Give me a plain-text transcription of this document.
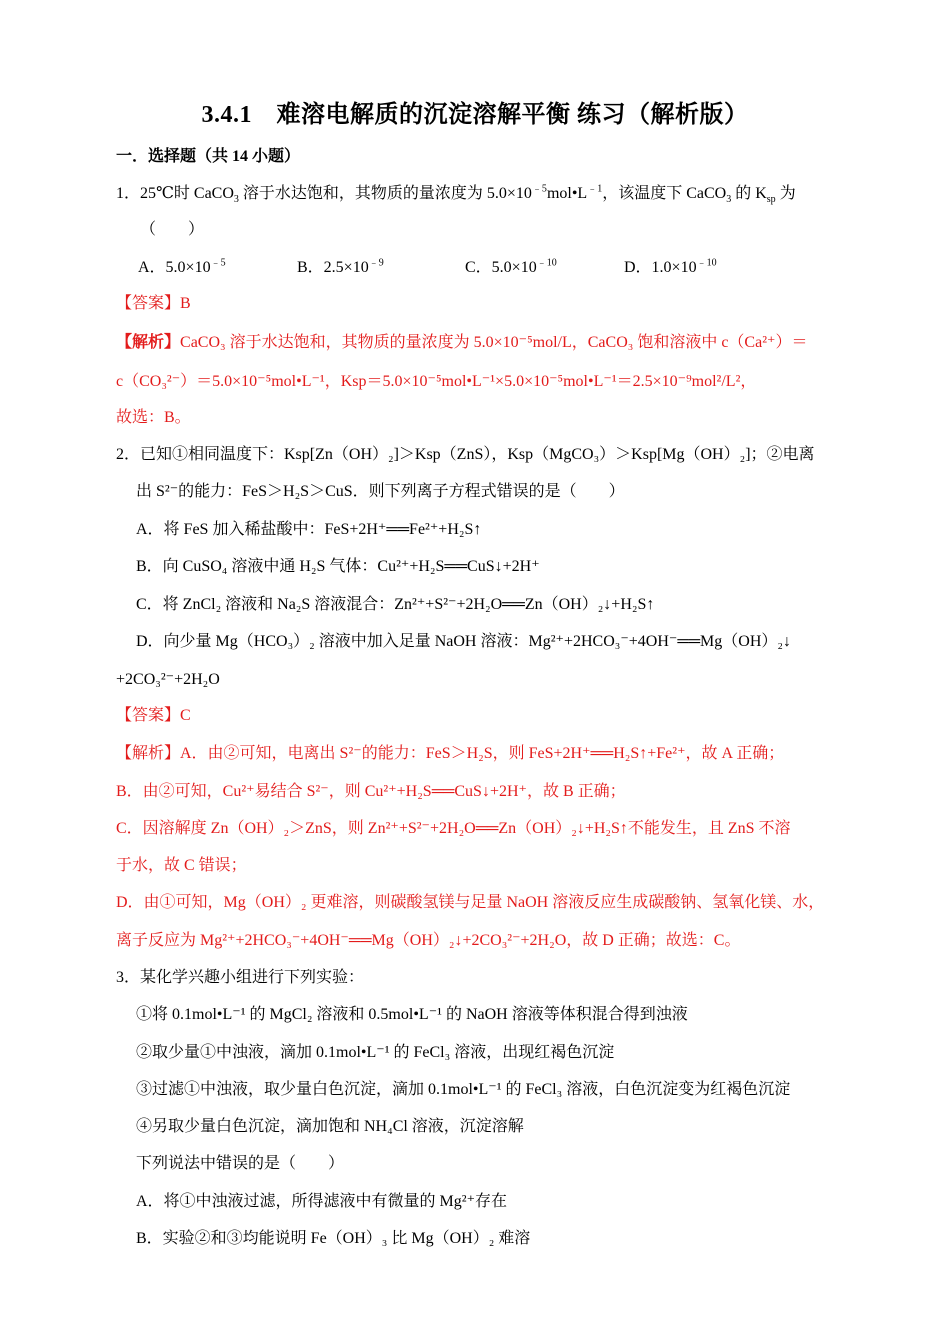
3.4.1　难溶电解质的沉淀溶解平衡 练习（解析版）
一．选择题（共 14 小题）
1．25℃时 CaCO$_3$ 溶于水达饱和，其物质的量浓度为 $5.0\times 10^{﹣5}mol•L^{﹣1}$，该温度下 CaCO$_3$ 的 $K_{sp}$ 为
（　　）
A．$5.0\times 10^{﹣5}$	B．$2.5\times 10^{﹣9}$	C．$5.0\times 10^{﹣10}$	D．$1.0\times 10^{﹣10}$
【答案】B
【解析】CaCO₃ 溶于水达饱和，其物质的量浓度为 5.0×10⁻⁵mol/L，CaCO₃ 饱和溶液中 c（Ca²⁺）＝
c（CO₃²⁻）＝5.0×10⁻⁵mol•L⁻¹，Ksp＝5.0×10⁻⁵mol•L⁻¹×5.0×10⁻⁵mol•L⁻¹＝2.5×10⁻⁹mol²/L²，
故选：B。
2．已知①相同温度下：Ksp[Zn（OH）₂]＞Ksp（ZnS），Ksp（MgCO₃）＞Ksp[Mg（OH）₂]；②电离
出 S²⁻的能力：FeS＞H₂S＞CuS．则下列离子方程式错误的是（　　）
A．将 FeS 加入稀盐酸中：FeS+2H⁺══Fe²⁺+H₂S↑
B．向 CuSO₄ 溶液中通 H₂S 气体：Cu²⁺+H₂S══CuS↓+2H⁺
C．将 ZnCl₂ 溶液和 Na₂S 溶液混合：Zn²⁺+S²⁻+2H₂O══Zn（OH）₂↓+H₂S↑
D．向少量 Mg（HCO₃）₂ 溶液中加入足量 NaOH 溶液：Mg²⁺+2HCO₃⁻+4OH⁻══Mg（OH）₂↓
+2CO₃²⁻+2H₂O
【答案】C
【解析】A．由②可知，电离出 S²⁻的能力：FeS＞H₂S，则 FeS+2H⁺══H₂S↑+Fe²⁺，故 A 正确；
B．由②可知，Cu²⁺易结合 S²⁻，则 Cu²⁺+H₂S══CuS↓+2H⁺，故 B 正确；
C．因溶解度 Zn（OH）₂＞ZnS，则 Zn²⁺+S²⁻+2H₂O══Zn（OH）₂↓+H₂S↑不能发生，且 ZnS 不溶
于水，故 C 错误；
D．由①可知，Mg（OH）₂ 更难溶，则碳酸氢镁与足量 NaOH 溶液反应生成碳酸钠、氢氧化镁、水，
离子反应为 Mg²⁺+2HCO₃⁻+4OH⁻══Mg（OH）₂↓+2CO₃²⁻+2H₂O，故 D 正确；故选：C。
3．某化学兴趣小组进行下列实验：
①将 0.1mol•L⁻¹ 的 MgCl₂ 溶液和 0.5mol•L⁻¹ 的 NaOH 溶液等体积混合得到浊液
②取少量①中浊液，滴加 0.1mol•L⁻¹ 的 FeCl₃ 溶液，出现红褐色沉淀
③过滤①中浊液，取少量白色沉淀，滴加 0.1mol•L⁻¹ 的 FeCl₃ 溶液，白色沉淀变为红褐色沉淀
④另取少量白色沉淀，滴加饱和 NH₄Cl 溶液，沉淀溶解
下列说法中错误的是（　　）
A．将①中浊液过滤，所得滤液中有微量的 Mg²⁺存在
B．实验②和③均能说明 Fe（OH）₃ 比 Mg（OH）₂ 难溶
